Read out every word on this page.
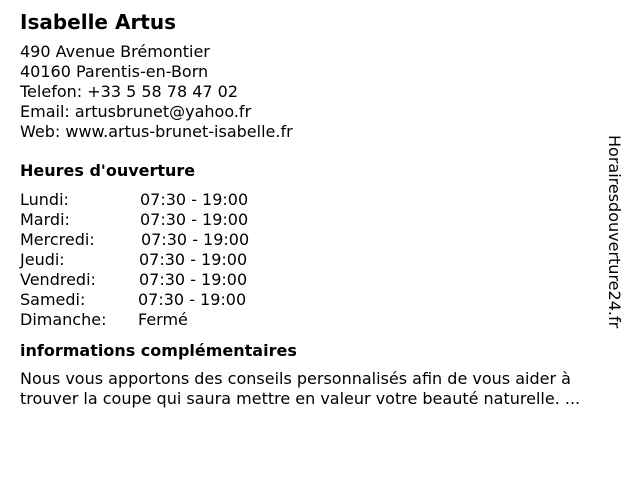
Isabelle Artus
490 Avenue Brémontier
40160 Parentis-en-Born
Telefon: +33 5 58 78 47 02
Email: artusbrunet@yahoo.fr
Web: www.artus-brunet-isabelle.fr
Heures d'ouverture
Lundi:	07:30 - 19:00
Mardi:	07:30 - 19:00
Mercredi:	07:30 - 19:00
Jeudi:	07:30 - 19:00
Vendredi:	07:30 - 19:00
Samedi:	07:30 - 19:00
Dimanche: Fermé
informations complémentaires
Nous vous apportons des conseils personnalisés afin de vous aider à
trouver la coupe qui saura mettre en valeur votre beauté naturelle. ...
Horairesdouverture24.fr
